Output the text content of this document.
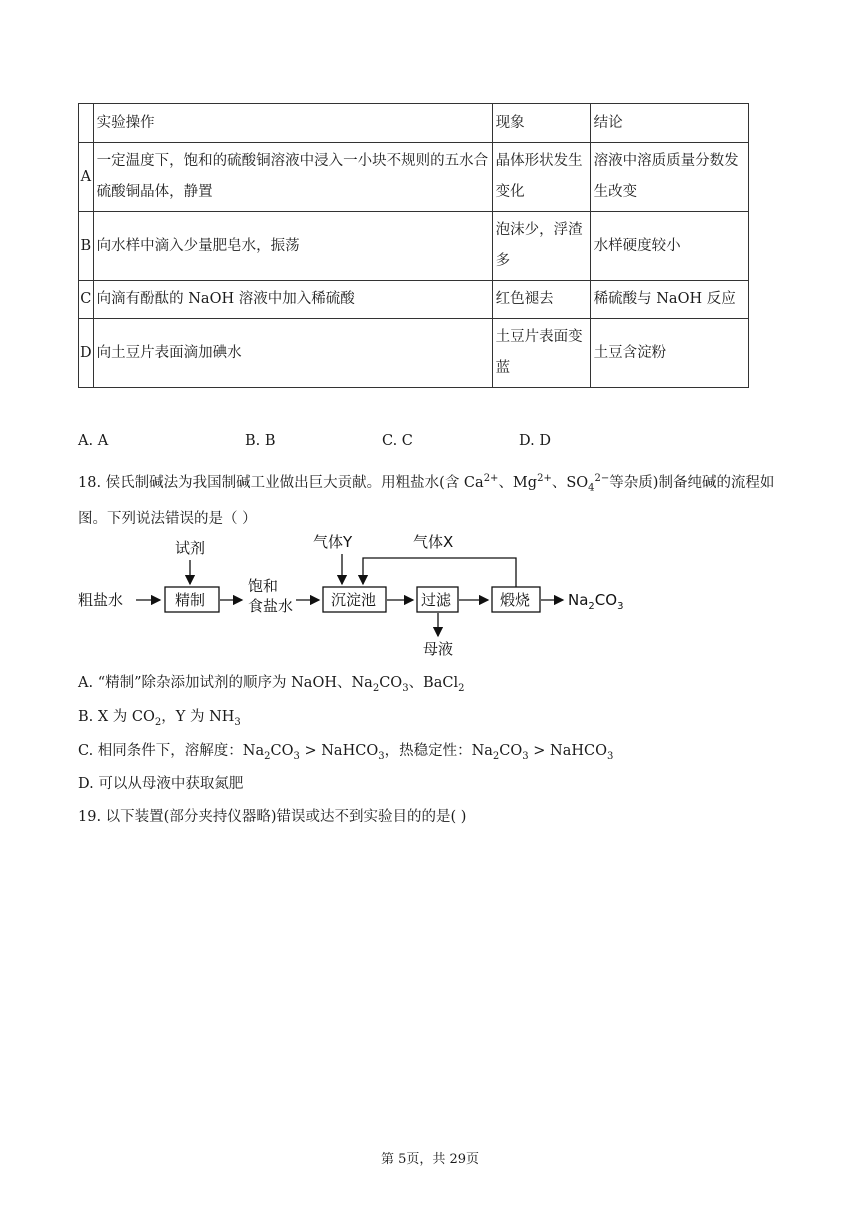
	实验操作	现象	结论
A	一定温度下，饱和的硫酸铜溶液中浸入一小块不规则的五水合硫酸铜晶体，静置	晶体形状发生变化	溶液中溶质质量分数发生改变
B	向水样中滴入少量肥皂水，振荡	泡沫少，浮渣多	水样硬度较小
C	向滴有酚酞的 NaOH 溶液中加入稀硫酸	红色褪去	稀硫酸与 NaOH 反应
D	向土豆片表面滴加碘水	土豆片表面变蓝	土豆含淀粉
A. A	B. B	C. C	D. D
18. 侯氏制碱法为我国制碱工业做出巨大贡献。用粗盐水(含 $Ca^{2+}$、$Mg^{2+}$、$SO_4^{2-}$等杂质)制备纯碱的流程如
图。下列说法错误的是（ ）
粗盐水
试剂
精制
饱和
食盐水
气体Y
沉淀池	过滤
母液
煅烧	$Na_2CO_3$
气体X
A. “精制”除杂添加试剂的顺序为 NaOH、$Na_2CO_3$、BaCl$_2$
B. X 为 $CO_2$，Y 为 $NH_3$
C. 相同条件下，溶解度：$Na_2CO_3$ > NaHCO$_3$，热稳定性：$Na_2CO_3$ > NaHCO$_3$
D. 可以从母液中获取氮肥
19. 以下装置(部分夹持仪器略)错误或达不到实验目的的是( )
第 5页，共 29页
